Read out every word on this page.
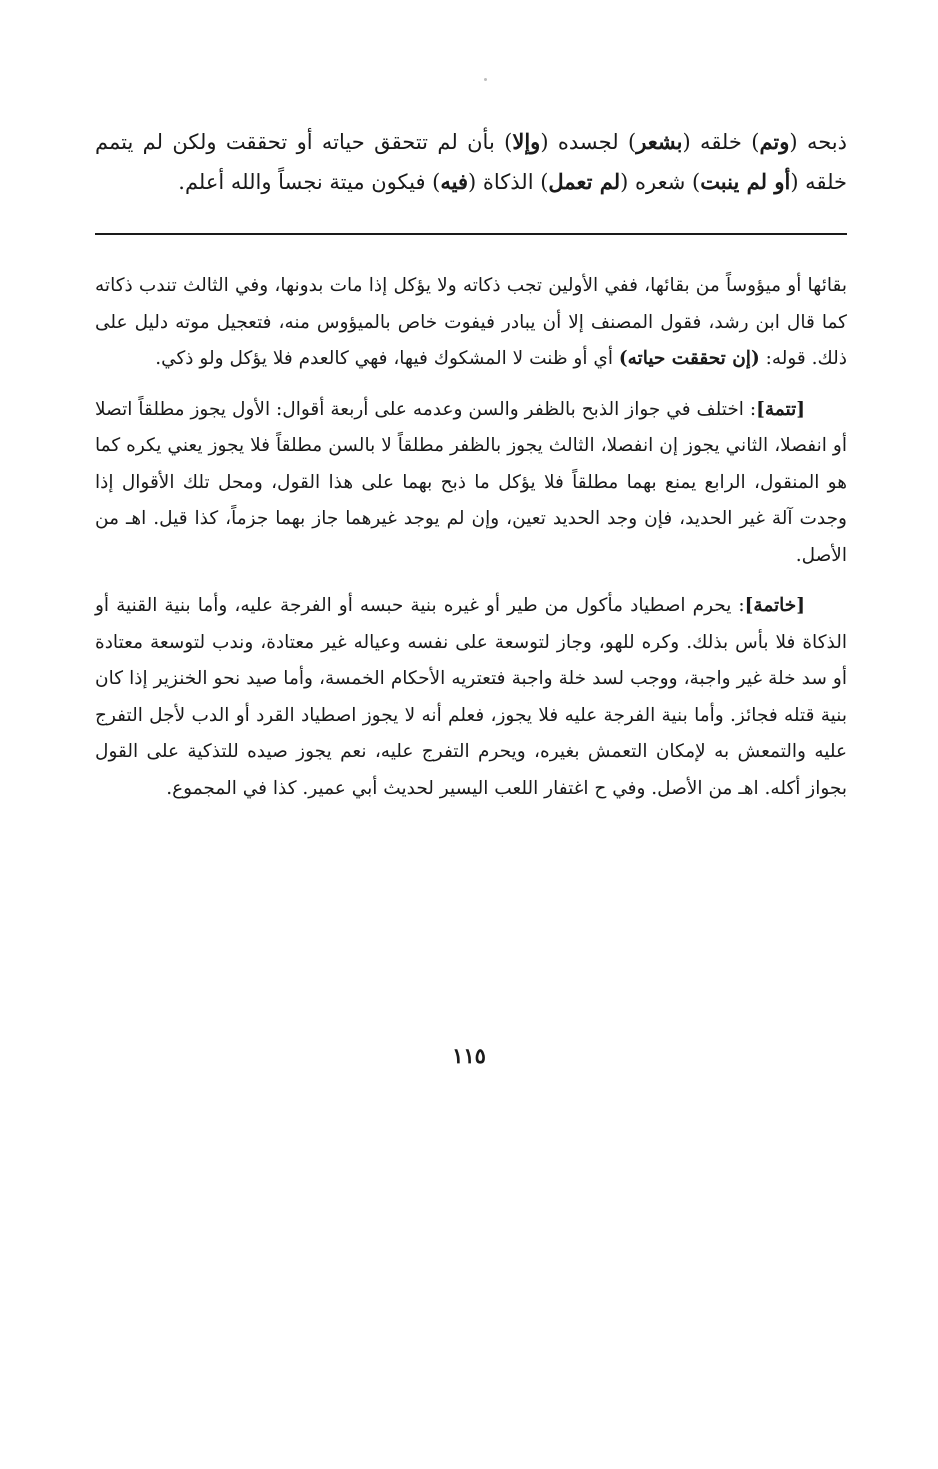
ذبحه (وتم) خلقه (بشعر) لجسده (وإلا) بأن لم تتحقق حياته أو تحققت ولكن لم يتمم خلقه (أو لم ينبت) شعره (لم تعمل) الذكاة (فيه) فيكون ميتة نجساً والله أعلم.

بقائها أو ميؤوساً من بقائها، ففي الأولين تجب ذكاته ولا يؤكل إذا مات بدونها، وفي الثالث تندب ذكاته كما قال ابن رشد، فقول المصنف إلا أن يبادر فيفوت خاص بالميؤوس منه، فتعجيل موته دليل على ذلك. قوله: (إن تحققت حياته) أي أو ظنت لا المشكوك فيها، فهي كالعدم فلا يؤكل ولو ذكي.

[تتمة]: اختلف في جواز الذبح بالظفر والسن وعدمه على أربعة أقوال: الأول يجوز مطلقاً اتصلا أو انفصلا، الثاني يجوز إن انفصلا، الثالث يجوز بالظفر مطلقاً لا بالسن مطلقاً فلا يجوز يعني يكره كما هو المنقول، الرابع يمنع بهما مطلقاً فلا يؤكل ما ذبح بهما على هذا القول، ومحل تلك الأقوال إذا وجدت آلة غير الحديد، فإن وجد الحديد تعين، وإن لم يوجد غيرهما جاز بهما جزماً، كذا قيل. اهـ من الأصل.

[خاتمة]: يحرم اصطياد مأكول من طير أو غيره بنية حبسه أو الفرجة عليه، وأما بنية القنية أو الذكاة فلا بأس بذلك. وكره للهو، وجاز لتوسعة على نفسه وعياله غير معتادة، وندب لتوسعة معتادة أو سد خلة غير واجبة، ووجب لسد خلة واجبة فتعتريه الأحكام الخمسة، وأما صيد نحو الخنزير إذا كان بنية قتله فجائز. وأما بنية الفرجة عليه فلا يجوز، فعلم أنه لا يجوز اصطياد القرد أو الدب لأجل التفرج عليه والتمعش به لإمكان التعمش بغيره، ويحرم التفرج عليه، نعم يجوز صيده للتذكية على القول بجواز أكله. اهـ من الأصل. وفي ح اغتفار اللعب اليسير لحديث أبي عمير. كذا في المجموع.

١١٥
